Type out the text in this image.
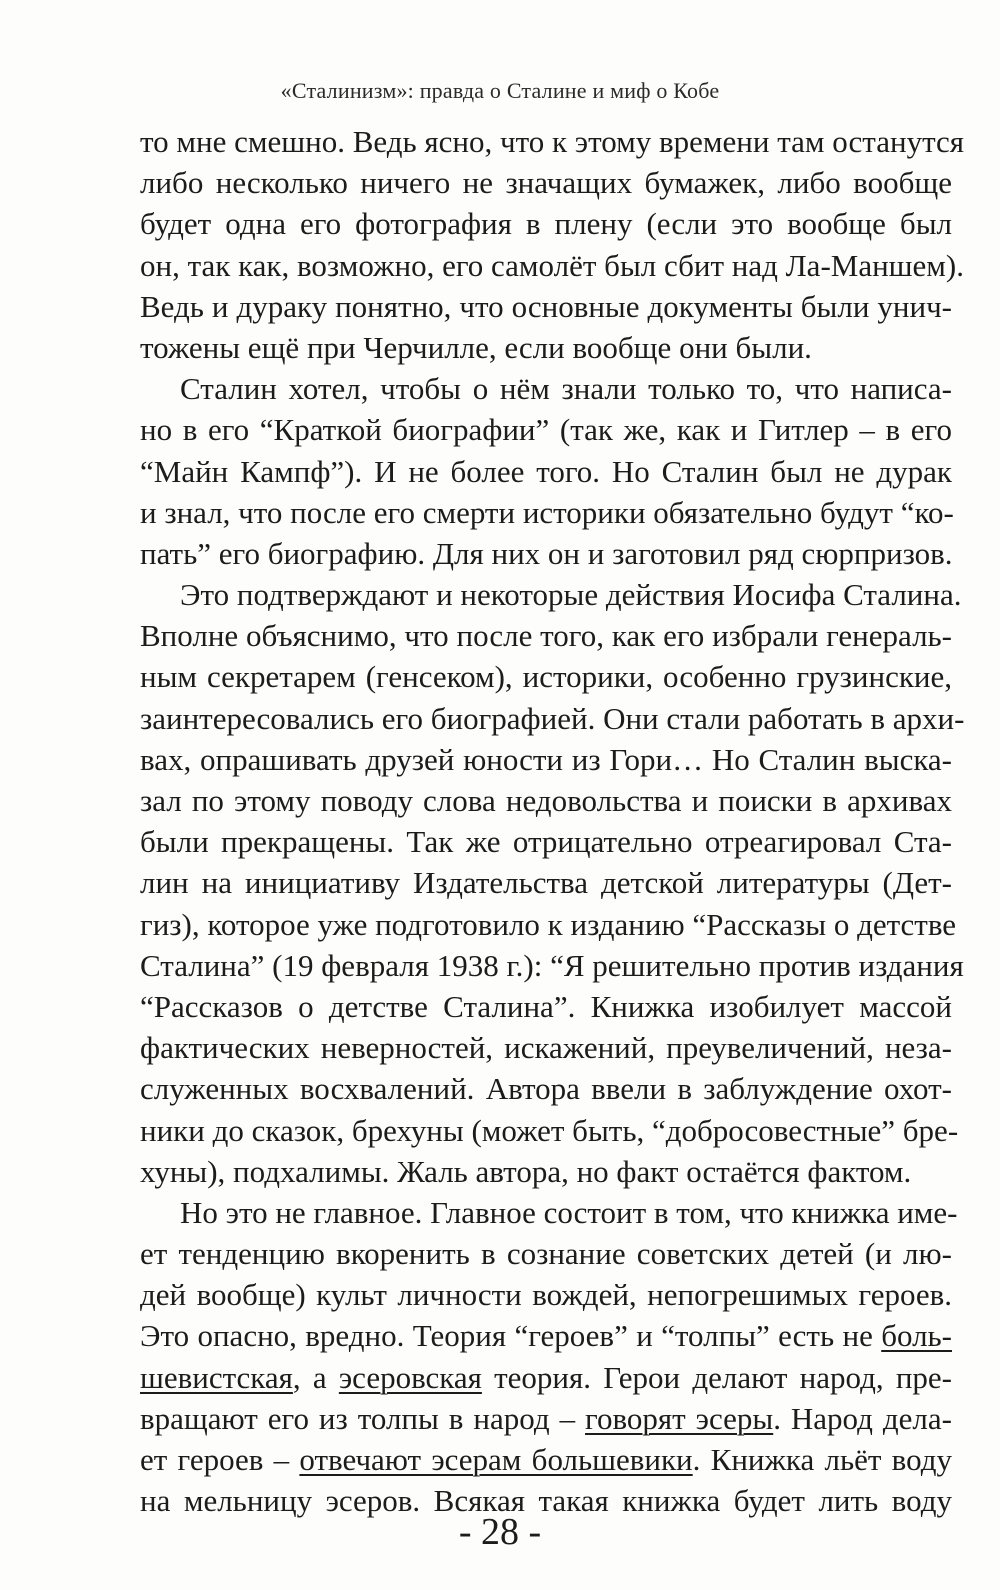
«Сталинизм»: правда о Сталине и миф о Кобе
то мне смешно. Ведь ясно, что к этому времени там останутся
либо несколько ничего не значащих бумажек, либо вообще
будет одна его фотография в плену (если это вообще был
он, так как, возможно, его самолёт был сбит над Ла-Маншем).
Ведь и дураку понятно, что основные документы были унич-
тожены ещё при Черчилле, если вообще они были.
Сталин хотел, чтобы о нём знали только то, что написа-
но в его “Краткой биографии” (так же, как и Гитлер – в его
“Майн Кампф”). И не более того. Но Сталин был не дурак
и знал, что после его смерти историки обязательно будут “ко-
пать” его биографию. Для них он и заготовил ряд сюрпризов.
Это подтверждают и некоторые действия Иосифа Сталина.
Вполне объяснимо, что после того, как его избрали генераль-
ным секретарем (генсеком), историки, особенно грузинские,
заинтересовались его биографией. Они стали работать в архи-
вах, опрашивать друзей юности из Гори… Но Сталин выска-
зал по этому поводу слова недовольства и поиски в архивах
были прекращены. Так же отрицательно отреагировал Ста-
лин на инициативу Издательства детской литературы (Дет-
гиз), которое уже подготовило к изданию “Рассказы о детстве
Сталина” (19 февраля 1938 г.): “Я решительно против издания
“Рассказов о детстве Сталина”. Книжка изобилует массой
фактических неверностей, искажений, преувеличений, неза-
служенных восхвалений. Автора ввели в заблуждение охот-
ники до сказок, брехуны (может быть, “добросовестные” бре-
хуны), подхалимы. Жаль автора, но факт остаётся фактом.
Но это не главное. Главное состоит в том, что книжка име-
ет тенденцию вкоренить в сознание советских детей (и лю-
дей вообще) культ личности вождей, непогрешимых героев.
Это опасно, вредно. Теория “героев” и “толпы” есть не боль-
шевистская, а эсеровская теория. Герои делают народ, пре-
вращают его из толпы в народ – говорят эсеры. Народ дела-
ет героев – отвечают эсерам большевики. Книжка льёт воду
на мельницу эсеров. Всякая такая книжка будет лить воду
- 28 -
